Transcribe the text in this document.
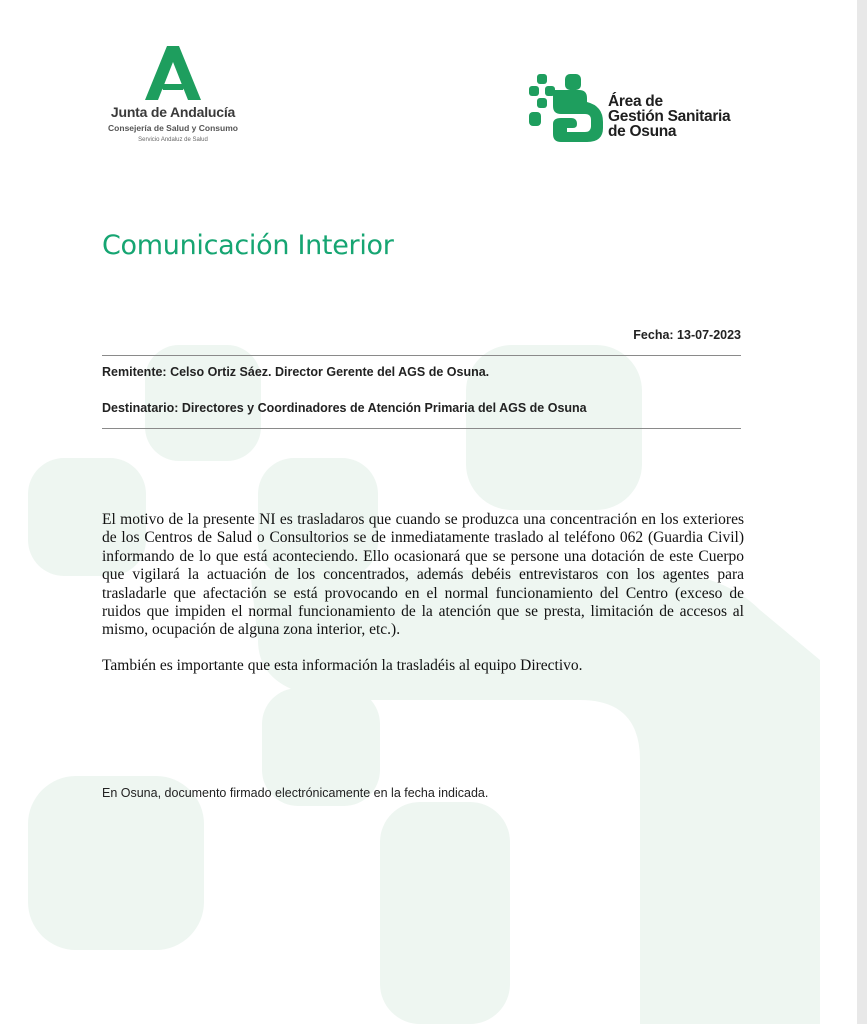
Junta de Andalucía
Consejería de Salud y Consumo
Servicio Andaluz de Salud
Área de
Gestión Sanitaria
de Osuna
Comunicación Interior
Fecha: 13-07-2023
Remitente: Celso Ortiz Sáez. Director Gerente del AGS de Osuna.
Destinatario: Directores y Coordinadores de Atención Primaria del AGS de Osuna

El motivo de la presente NI es trasladaros que cuando se produzca una concentración en los exteriores de los Centros de Salud o Consultorios se de inmediatamente traslado al teléfono 062 (Guardia Civil) informando de lo que está aconteciendo. Ello ocasionará que se persone una dotación de este Cuerpo que vigilará la actuación de los concentrados, además debéis entrevistaros con los agentes para trasladarle que afectación se está provocando en el normal funcionamiento del Centro (exceso de ruidos que impiden el normal funcionamiento de la atención que se presta, limitación de accesos al mismo, ocupación de alguna zona interior, etc.).

También es importante que esta información la trasladéis al equipo Directivo.

En Osuna, documento firmado electrónicamente en la fecha indicada.
